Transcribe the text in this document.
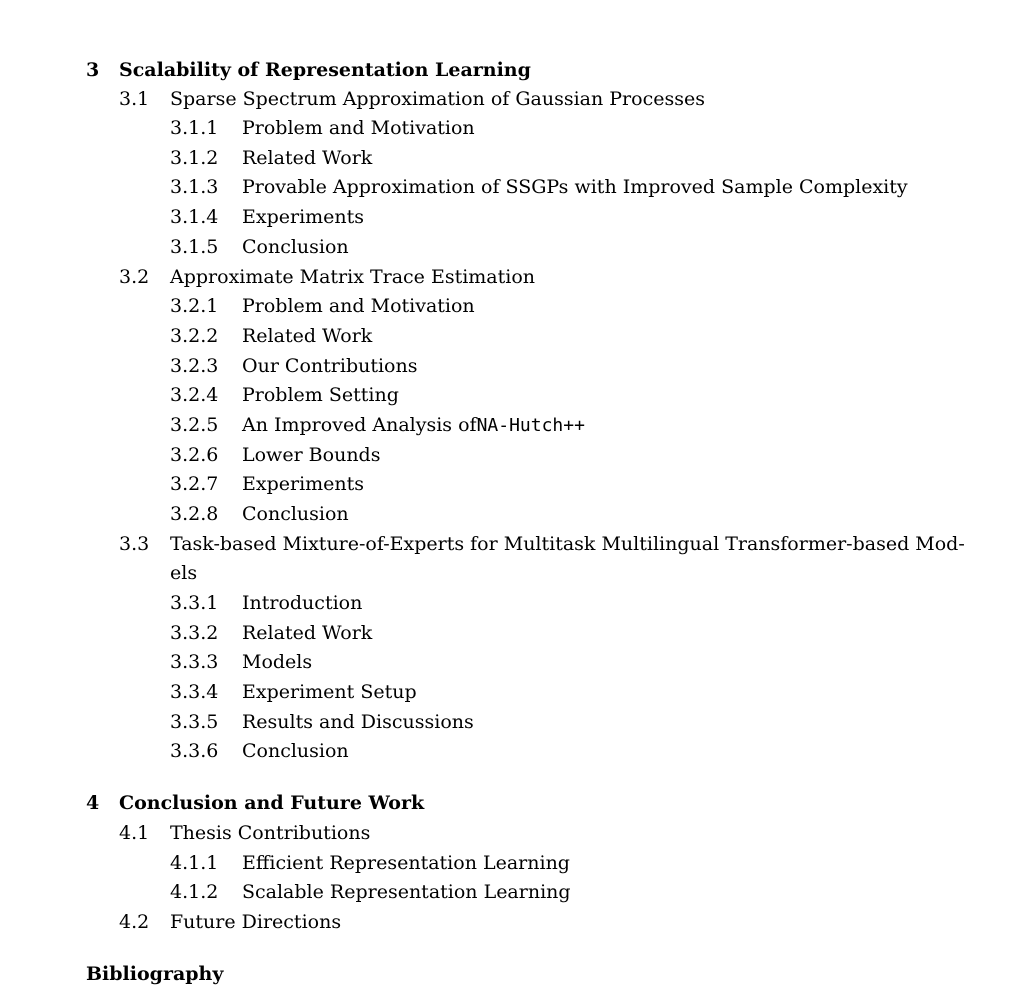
3 Scalability of Representation Learning
3.1 Sparse Spectrum Approximation of Gaussian Processes
3.1.1 Problem and Motivation
3.1.2 Related Work
3.1.3 Provable Approximation of SSGPs with Improved Sample Complexity
3.1.4 Experiments
3.1.5 Conclusion
3.2 Approximate Matrix Trace Estimation
3.2.1 Problem and Motivation
3.2.2 Related Work
3.2.3 Our Contributions
3.2.4 Problem Setting
3.2.5 An Improved Analysis of NA-Hutch++
3.2.6 Lower Bounds
3.2.7 Experiments
3.2.8 Conclusion
3.3 Task-based Mixture-of-Experts for Multitask Multilingual Transformer-based Mod-
els
3.3.1 Introduction
3.3.2 Related Work
3.3.3 Models
3.3.4 Experiment Setup
3.3.5 Results and Discussions
3.3.6 Conclusion
4 Conclusion and Future Work
4.1 Thesis Contributions
4.1.1 Efficient Representation Learning
4.1.2 Scalable Representation Learning
4.2 Future Directions
Bibliography
